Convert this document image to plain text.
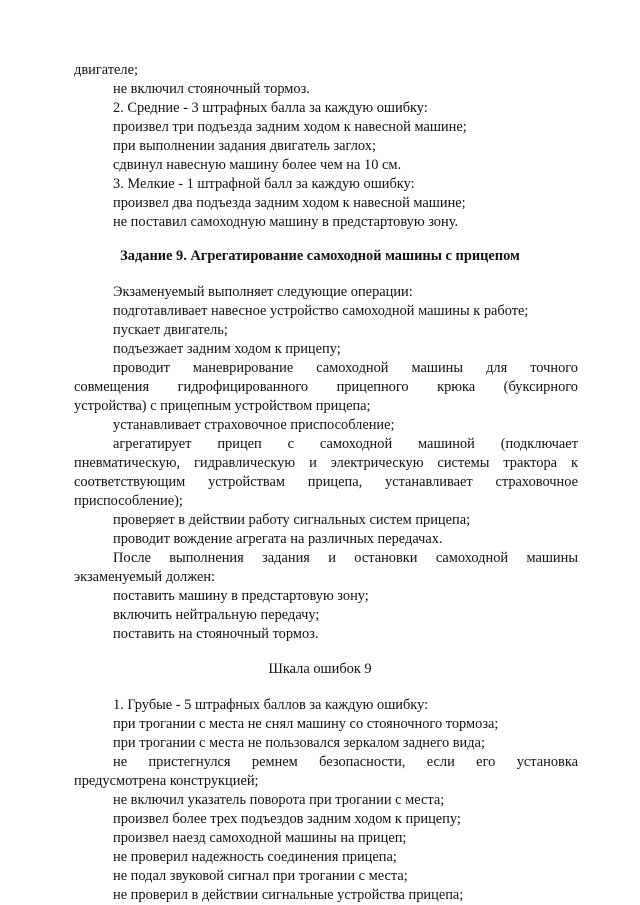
двигателе;
не включил стояночный тормоз.
2. Средние - 3 штрафных балла за каждую ошибку:
произвел три подъезда задним ходом к навесной машине;
при выполнении задания двигатель заглох;
сдвинул навесную машину более чем на 10 см.
3. Мелкие - 1 штрафной балл за каждую ошибку:
произвел два подъезда задним ходом к навесной машине;
не поставил самоходную машину в предстартовую зону.
Задание 9. Агрегатирование самоходной машины с прицепом
Экзаменуемый выполняет следующие операции:
подготавливает навесное устройство самоходной машины к работе;
пускает двигатель;
подъезжает задним ходом к прицепу;
проводит маневрирование самоходной машины для точного
совмещения гидрофицированного прицепного крюка (буксирного
устройства) с прицепным устройством прицепа;
устанавливает страховочное приспособление;
агрегатирует прицеп с самоходной машиной (подключает
пневматическую, гидравлическую и электрическую системы трактора к
соответствующим устройствам прицепа, устанавливает страховочное
приспособление);
проверяет в действии работу сигнальных систем прицепа;
проводит вождение агрегата на различных передачах.
После выполнения задания и остановки самоходной машины
экзаменуемый должен:
поставить машину в предстартовую зону;
включить нейтральную передачу;
поставить на стояночный тормоз.
Шкала ошибок 9
1. Грубые - 5 штрафных баллов за каждую ошибку:
при трогании с места не снял машину со стояночного тормоза;
при трогании с места не пользовался зеркалом заднего вида;
не пристегнулся ремнем безопасности, если его установка
предусмотрена конструкцией;
не включил указатель поворота при трогании с места;
произвел более трех подъездов задним ходом к прицепу;
произвел наезд самоходной машины на прицеп;
не проверил надежность соединения прицепа;
не подал звуковой сигнал при трогании с места;
не проверил в действии сигнальные устройства прицепа;
